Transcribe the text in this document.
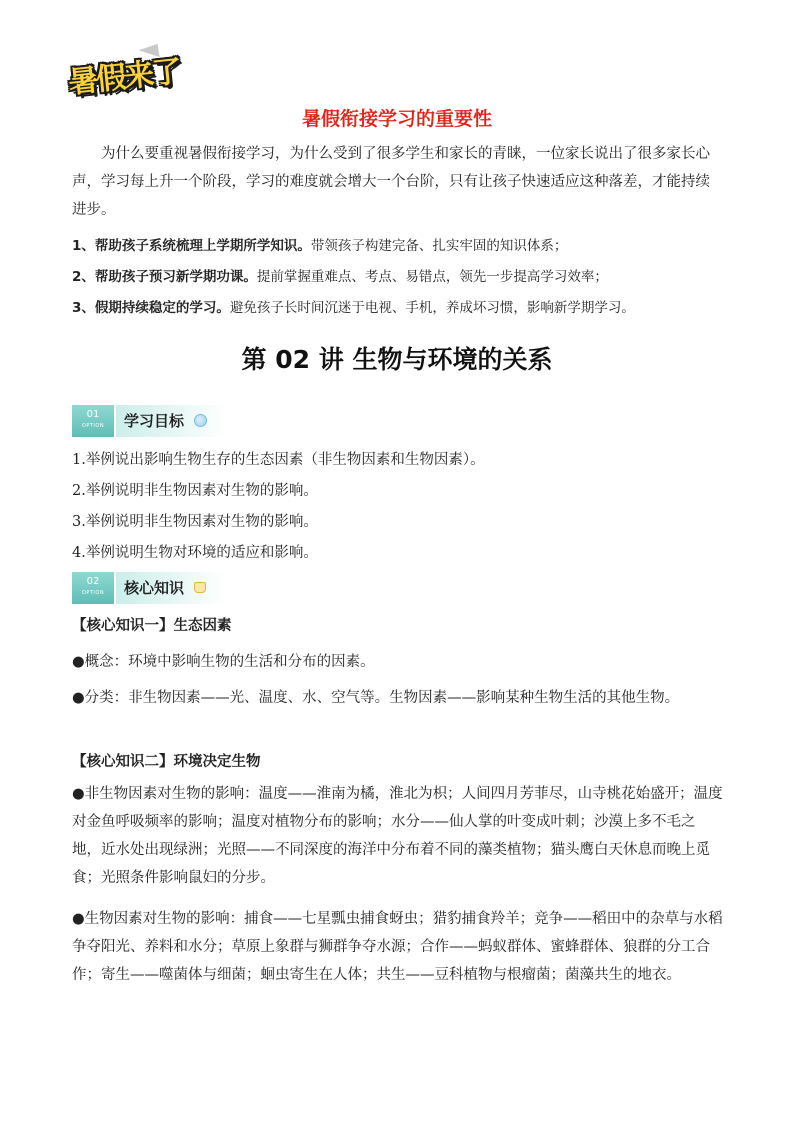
暑假来了
暑假衔接学习的重要性
为什么要重视暑假衔接学习，为什么受到了很多学生和家长的青睐，一位家长说出了很多家长心声，学习每上升一个阶段，学习的难度就会增大一个台阶，只有让孩子快速适应这种落差，才能持续进步。
1、帮助孩子系统梳理上学期所学知识。带领孩子构建完备、扎实牢固的知识体系；
2、帮助孩子预习新学期功课。提前掌握重难点、考点、易错点，领先一步提高学习效率；
3、假期持续稳定的学习。避免孩子长时间沉迷于电视、手机，养成坏习惯，影响新学期学习。
第 02 讲 生物与环境的关系
01
OPTION	学习目标
1.举例说出影响生物生存的生态因素（非生物因素和生物因素）。
2.举例说明非生物因素对生物的影响。
3.举例说明非生物因素对生物的影响。
4.举例说明生物对环境的适应和影响。
02
OPTION	核心知识
【核心知识一】生态因素
●概念：环境中影响生物的生活和分布的因素。
●分类：非生物因素——光、温度、水、空气等。生物因素——影响某种生物生活的其他生物。
【核心知识二】环境决定生物
●非生物因素对生物的影响：温度——淮南为橘，淮北为枳；人间四月芳菲尽，山寺桃花始盛开；温度对金鱼呼吸频率的影响；温度对植物分布的影响；水分——仙人掌的叶变成叶刺；沙漠上多不毛之地，近水处出现绿洲；光照——不同深度的海洋中分布着不同的藻类植物；猫头鹰白天休息而晚上觅食；光照条件影响鼠妇的分步。
●生物因素对生物的影响：捕食——七星瓢虫捕食蚜虫；猎豹捕食羚羊；竞争——稻田中的杂草与水稻争夺阳光、养料和水分；草原上象群与狮群争夺水源；合作——蚂蚁群体、蜜蜂群体、狼群的分工合作；寄生——噬菌体与细菌；蛔虫寄生在人体；共生——豆科植物与根瘤菌；菌藻共生的地衣。
